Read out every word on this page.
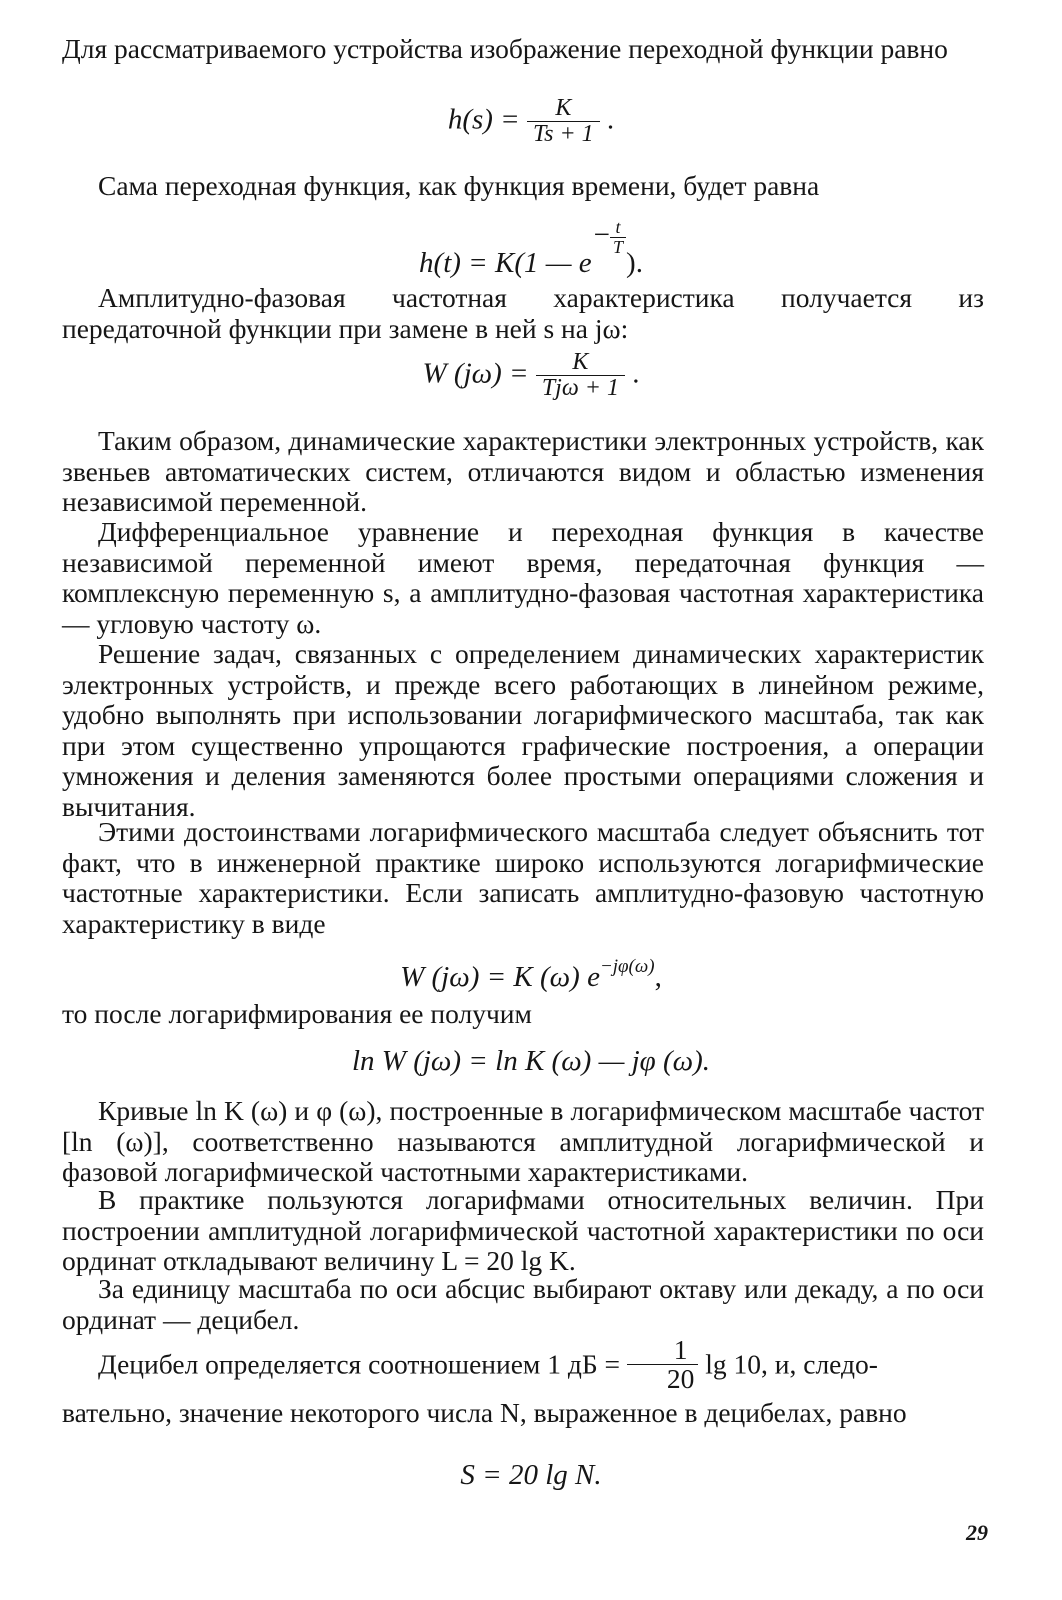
Для рассматриваемого устройства изображение переходной функции равно

$h(s) = \frac{K}{Ts + 1}$ .

Сама переходная функция, как функция времени, будет равна

h(t) = K(1 — $e- \frac{t}{T}$
).

Амплитудно-фазовая частотная характеристика получается из передаточной функции при замене в ней s на jω:

W $(j\omega) = \frac{K}{\text{Tjω + 1}}$ .

Таким образом, динамические характеристики электронных устройств, как звеньев автоматических систем, отличаются видом и областью изменения независимой переменной.

Дифференциальное уравнение и переходная функция в качестве независимой переменной имеют время, передаточная функция — комплексную переменную s, а амплитудно-фазовая частотная характеристика — угловую частоту ω.

Решение задач, связанных с определением динамических характеристик электронных устройств, и прежде всего работающих в линейном режиме, удобно выполнять при использовании логарифмического масштаба, так как при этом существенно упрощаются графические построения, а операции умножения и деления заменяются более простыми операциями сложения и вычитания.

Этими достоинствами логарифмического масштаба следует объяснить тот факт, что в инженерной практике широко используются логарифмические частотные характеристики. Если записать амплитудно-фазовую частотную характеристику в виде

W (jω) = K (ω) $e^{-j\varphi(\omega)}$,

то после логарифмирования ее получим

ln W (jω) = ln K (ω) — jφ (ω).

Кривые ln K (ω) и φ (ω), построенные в логарифмическом масштабе частот [ln (ω)], соответственно называются амплитудной логарифмической и фазовой логарифмической частотными характеристиками.

В практике пользуются логарифмами относительных величин. При построении амплитудной логарифмической частотной характеристики по оси ординат откладывают величину L = 20 lg K.

За единицу масштаба по оси абсцис выбирают октаву или декаду, а по оси ординат — децибел.

Децибел определяется соотношением 1 дБ = $\frac{1}{20}$ lg 10, и, следо-

вательно, значение некоторого числа N, выраженное в децибелах, равно

S = 20 lg N.
29
